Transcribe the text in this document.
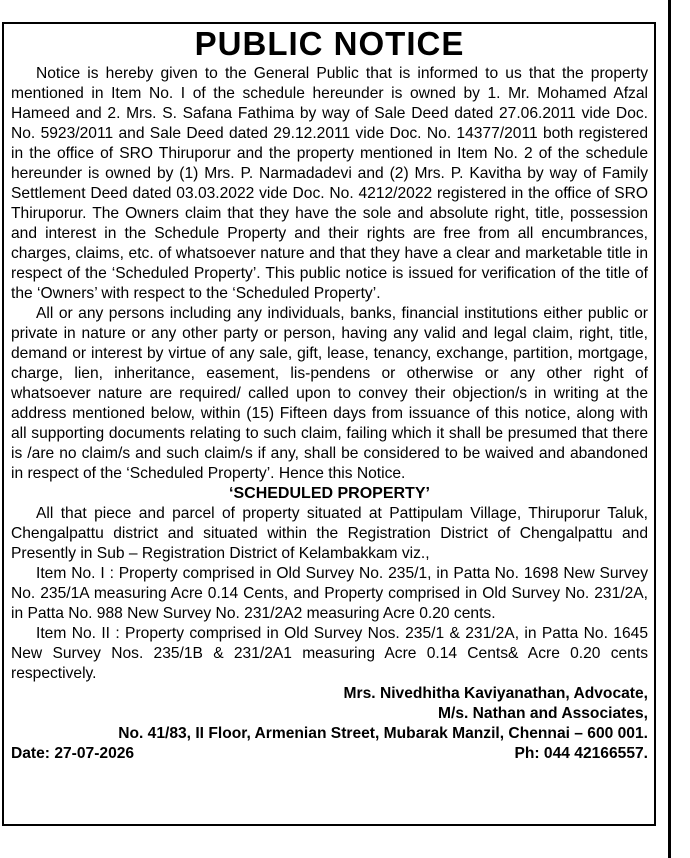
PUBLIC NOTICE

Notice is hereby given to the General Public that is informed to us that the property mentioned in Item No. I of the schedule hereunder is owned by 1. Mr. Mohamed Afzal Hameed and 2. Mrs. S. Safana Fathima by way of Sale Deed dated 27.06.2011 vide Doc. No. 5923/2011 and Sale Deed dated 29.12.2011 vide Doc. No. 14377/2011 both registered in the office of SRO Thiruporur and the property mentioned in Item No. 2 of the schedule hereunder is owned by (1) Mrs. P. Narmadadevi and (2) Mrs. P. Kavitha by way of Family Settlement Deed dated 03.03.2022 vide Doc. No. 4212/2022 registered in the office of SRO Thiruporur. The Owners claim that they have the sole and absolute right, title, possession and interest in the Schedule Property and their rights are free from all encumbrances, charges, claims, etc. of whatsoever nature and that they have a clear and marketable title in respect of the ‘Scheduled Property’. This public notice is issued for verification of the title of the ‘Owners’ with respect to the ‘Scheduled Property’.

All or any persons including any individuals, banks, financial institutions either public or private in nature or any other party or person, having any valid and legal claim, right, title, demand or interest by virtue of any sale, gift, lease, tenancy, exchange, partition, mortgage, charge, lien, inheritance, easement, lis-pendens or otherwise or any other right of whatsoever nature are required/ called upon to convey their objection/s in writing at the address mentioned below, within (15) Fifteen days from issuance of this notice, along with all supporting documents relating to such claim, failing which it shall be presumed that there is /are no claim/s and such claim/s if any, shall be considered to be waived and abandoned in respect of the ‘Scheduled Property’. Hence this Notice.

‘SCHEDULED PROPERTY’

All that piece and parcel of property situated at Pattipulam Village, Thiruporur Taluk, Chengalpattu district and situated within the Registration District of Chengalpattu and Presently in Sub – Registration District of Kelambakkam viz.,

Item No. I : Property comprised in Old Survey No. 235/1, in Patta No. 1698 New Survey No. 235/1A measuring Acre 0.14 Cents, and Property comprised in Old Survey No. 231/2A, in Patta No. 988 New Survey No. 231/2A2 measuring Acre 0.20 cents.

Item No. II : Property comprised in Old Survey Nos. 235/1 & 231/2A, in Patta No. 1645 New Survey Nos. 235/1B & 231/2A1 measuring Acre 0.14 Cents& Acre 0.20 cents respectively.

Mrs. Nivedhitha Kaviyanathan, Advocate,
M/s. Nathan and Associates,
No. 41/83, II Floor, Armenian Street, Mubarak Manzil, Chennai – 600 001.
Date: 27-07-2026	Ph: 044 42166557.
